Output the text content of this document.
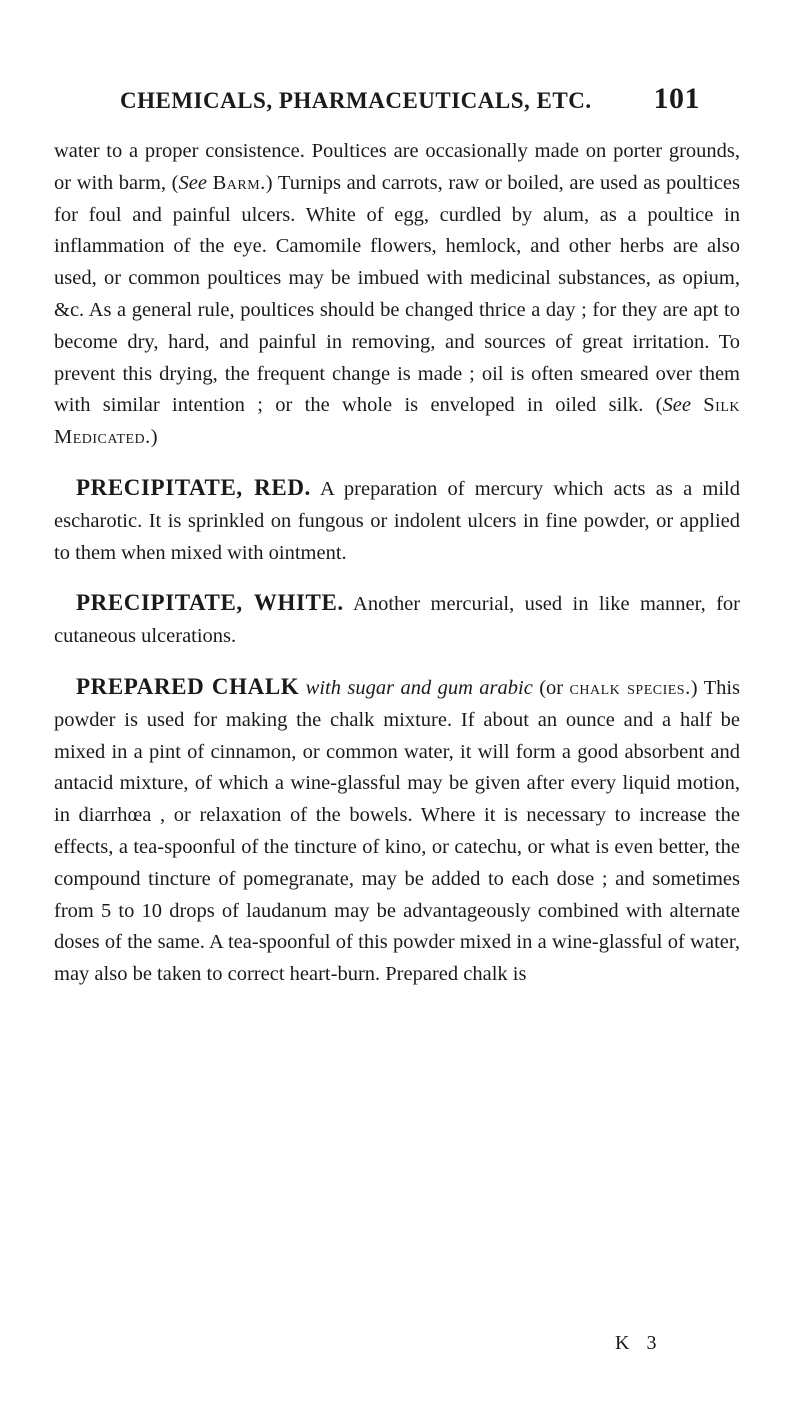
CHEMICALS, PHARMACEUTICALS, ETC. 101

water to a proper consistence. Poultices are occasionally made on porter grounds, or with barm, (See Barm.) Turnips and carrots, raw or boiled, are used as poultices for foul and painful ulcers. White of egg, curdled by alum, as a poultice in inflammation of the eye. Camomile flowers, hemlock, and other herbs are also used, or common poultices may be imbued with medicinal substances, as opium, &c. As a general rule, poultices should be changed thrice a day ; for they are apt to become dry, hard, and painful in removing, and sources of great irritation. To prevent this drying, the frequent change is made ; oil is often smeared over them with similar intention ; or the whole is enveloped in oiled silk. (See Silk Medicated.)

PRECIPITATE, RED. A preparation of mercury which acts as a mild escharotic. It is sprinkled on fungous or indolent ulcers in fine powder, or applied to them when mixed with ointment.

PRECIPITATE, WHITE. Another mercurial, used in like manner, for cutaneous ulcerations.

PREPARED CHALK with sugar and gum arabic (or chalk species.) This powder is used for making the chalk mixture. If about an ounce and a half be mixed in a pint of cinnamon, or common water, it will form a good absorbent and antacid mixture, of which a wine-glassful may be given after every liquid motion, in diarrhœa , or relaxation of the bowels. Where it is necessary to increase the effects, a tea-spoonful of the tincture of kino, or catechu, or what is even better, the compound tincture of pomegranate, may be added to each dose ; and sometimes from 5 to 10 drops of laudanum may be advantageously combined with alternate doses of the same. A tea-spoonful of this powder mixed in a wine-glassful of water, may also be taken to correct heart-burn. Prepared chalk is

K 3
